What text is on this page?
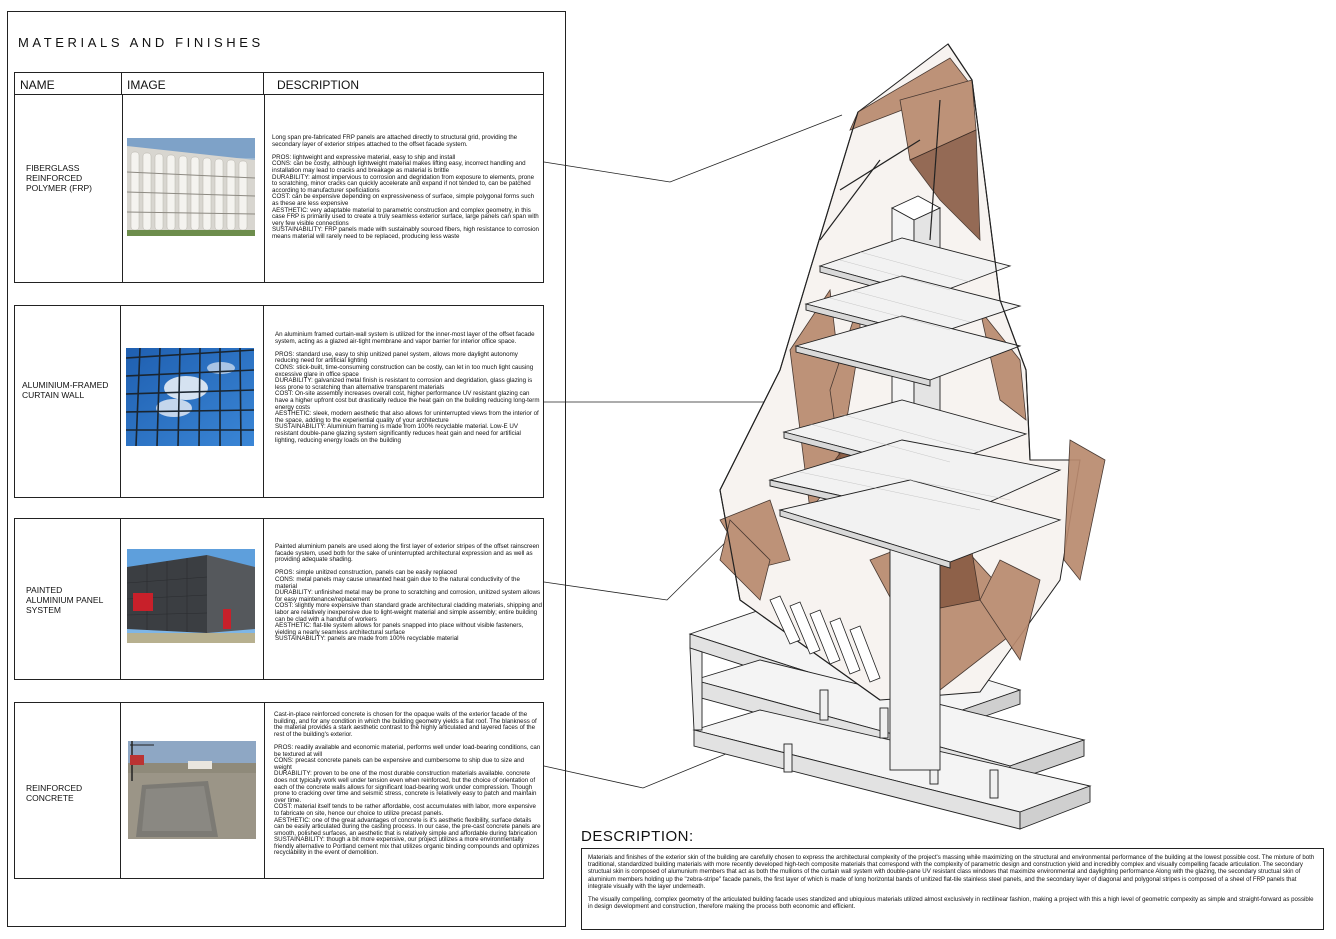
MATERIALS AND FINISHES
NAME	IMAGE	DESCRIPTION
FIBERGLASS
REINFORCED
POLYMER (FRP)
Long span pre-fabricated FRP panels are attached directly to structural grid, providing the secondary layer of exterior stripes attached to the offset facade system.

PROS: lightweight and expressive material, easy to ship and install
CONS: can be costly, although lightweight material makes lifting easy, incorrect handling and installation may lead to cracks and breakage as material is brittle
DURABILITY: almost impervious to corrosion and degridation from exposure to elements, prone to scratching, minor cracks can quickly accelerate and expand if not tended to, can be patched according to manufacturer speficiations
COST: can be expensive depending on expressiveness of surface, simple polygonal forms such as these are less expensive
AESTHETIC: very adaptable material to parametric construction and complex geometry, in this case FRP is primarily used to create a truly seamless exterior surface, large panels can span with very few visible connections
SUSTAINABILITY: FRP panels made with sustainably sourced fibers, high resistance to corrosion means material will rarely need to be replaced, producing less waste
ALUMINIUM-FRAMED
CURTAIN WALL
An aluminium framed curtain-wall system is utilized for the inner-most layer of the offset facade system, acting as a glazed air-tight membrane and vapor barrier for interior office space.

PROS: standard use, easy to ship unitized panel system, allows more daylight autonomy reducing need for artificial lighting
CONS: stick-built, time-consuming construction can be costly, can let in too much light causing excessive glare in office space
DURABILITY: galvanized metal finish is resistant to corrosion and degridation, glass glazing is less prone to scratching than alternative transparent materials
COST: On-site assembly increases overall cost, higher performance UV resistant glazing can have a higher upfront cost but drastically reduce the heat gain on the building reducing long-term energy costs
AESTHETIC: sleek, modern aesthetic that also allows for uninterrupted views from the interior of the space, adding to the experiential quality of your architecture
SUSTAINABILITY: Aluminium framing is made from 100% recyclable material. Low-E UV resistant double-pane glazing system significantly reduces heat gain and need for artificial lighting, reducing energy loads on the building
PAINTED
ALUMINIUM PANEL
SYSTEM
Painted aluminium panels are used along the first layer of exterior stripes of the offset rainscreen facade system, used both for the sake of uninterrupted architectural expression and as well as providing adequate shading.

PROS: simple unitized construction, panels can be easily replaced
CONS: metal panels may cause unwanted heat gain due to the natural conductivity of the material
DURABILITY: unfinished metal may be prone to scratching and corrosion, unitized system allows for easy maintenance/replacement
COST: slightly more expensive than standard grade architectural cladding materials, shipping and labor are relatively inexpensive due to light-weight material and simple assembly; entire building can be clad with a handful of workers
AESTHETIC: flat-tile system allows for panels snapped into place without visible fasteners, yielding a nearly seamless architectural surface
SUSTAINABILITY: panels are made from 100% recyclable material
REINFORCED
CONCRETE
Cast-in-place reinforced concrete is chosen for the opaque walls of the exterior facade of the building, and for any condition in which the building geometry yields a flat roof. The blankness of the material provides a stark aesthetic contrast to the highly articulated and layered faces of the rest of the building's exterior.

PROS: readily available and economic material, performs well under load-bearing conditions, can be textured at will
CONS: precast concrete panels can be expensive and cumbersome to ship due to size and weight
DURABILITY: proven to be one of the most durable construction materials available. concrete does not typically work well under tension even when reinforced, but the choice of orientation of each of the concrete walls allows for significant load-bearing work under compression. Though prone to cracking over time and seismic stress, concrete is relatively easy to patch and maintain over time.
COST: material itself tends to be rather affordable, cost accumulates with labor, more expensive to fabricate on site, hence our choice to utilize precast panels.
AESTHETIC: one of the great advantages of concrete is it's aesthetic flexibility, surface details can be easily articulated during the casting process. In our case, the pre-cast concrete panels are smooth, polished surfaces, an aesthetic that is relatively simple and affordable during fabrication
SUSTAINABILITY: though a bit more expensive, our project utilizes a more environmentally friendly alternative to Portland cement mix that utilizes organic binding compounds and optimizes recyclability in the event of demolition.
DESCRIPTION:

Materials and finishes of the exterior skin of the building are carefully chosen to express the architectural complexity of the project's massing while maximizing on the structural and environmental performance of the building at the lowest possible cost. The mixture of both traditional, standardized building materials with more recently developed high-tech composite materials that correspond with the complexity of parametric design and construction yield and incredibly complex and visually compelling facade articulation. The secondary structual skin is composed of alumunium members that act as both the mullions of the curtain wall system with double-pane UV resistant class windows that maximize environmental and daylighting performance Along with the glazing, the secondary structual skin of aluminium members holding up the "zebra-stripe" facade panels, the first layer of which is made of long horizontal bands of unitized flat-tile stainless steel panels, and the secondary layer of diagonal and polygonal stripes is composed of a sheel of FRP panels that integrate visually with the layer underneath.

The visually compelling, complex geometry of the articulated building facade uses standized and ubiquious materials utilized almost exclusively in rectilinear fashion, making a project with this a high level of geometric compexity as simple and straight-forward as possible in design development and construction, therefore making the process both economic and efficient.
